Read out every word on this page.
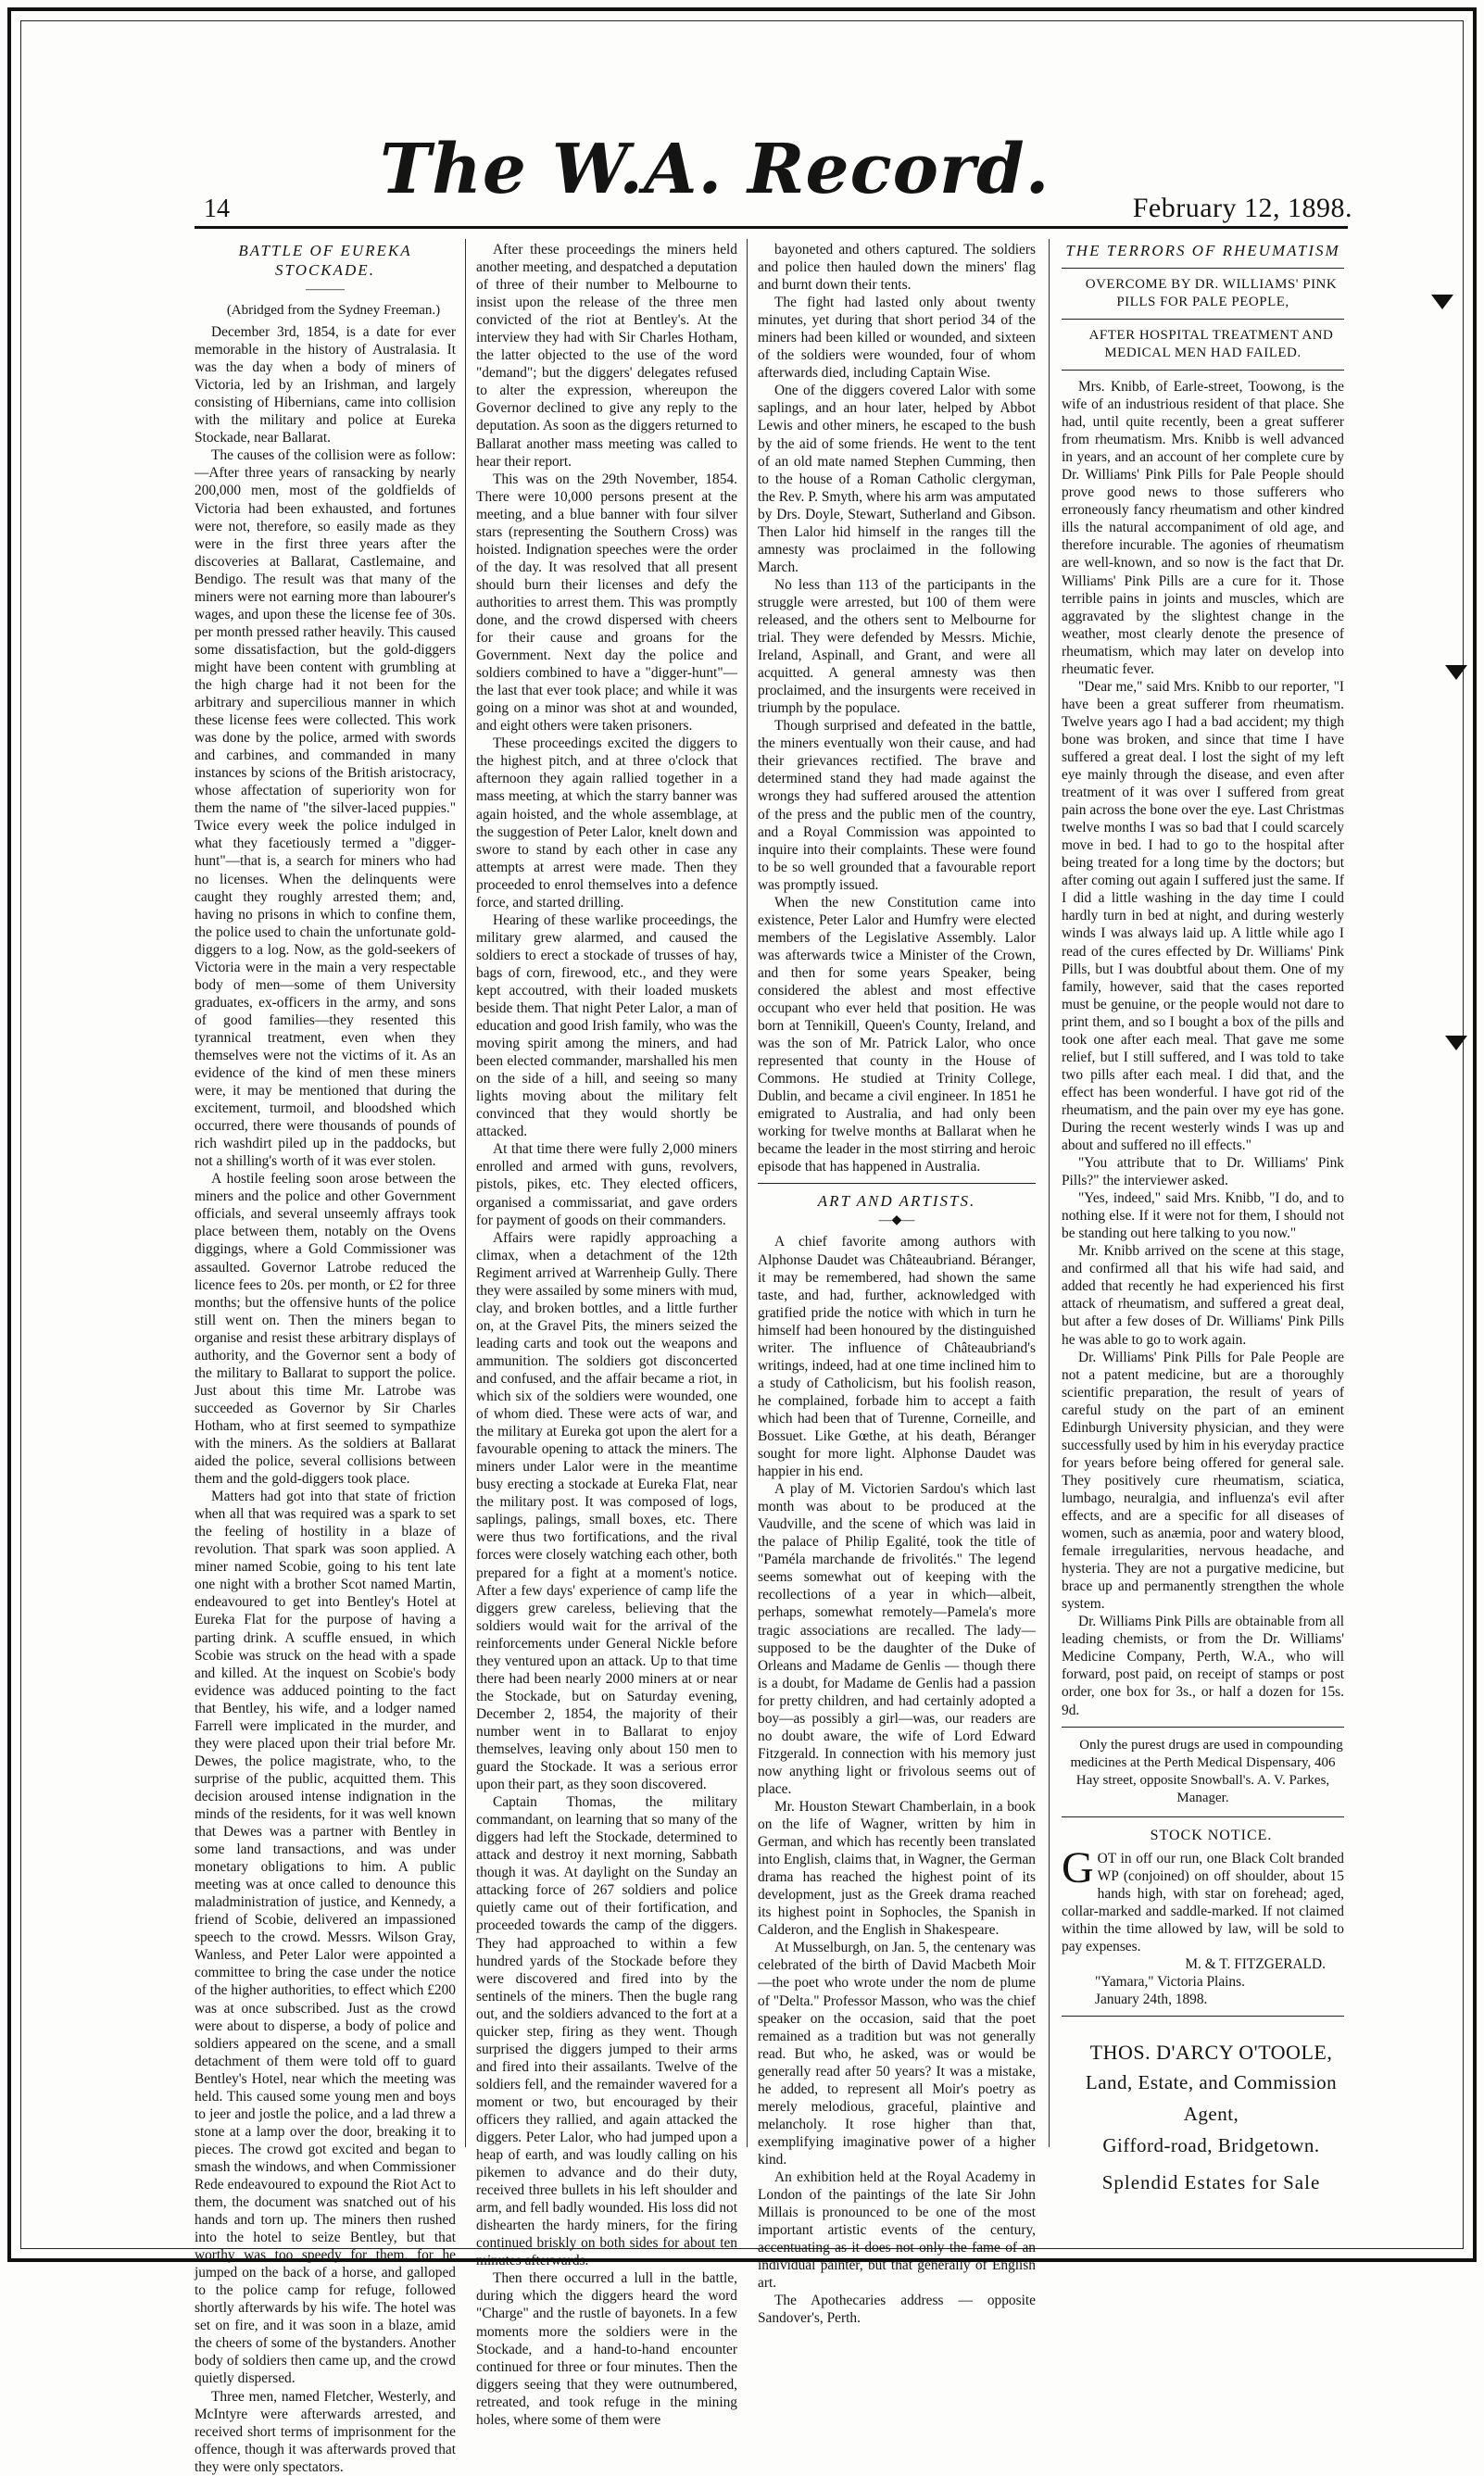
14 The W.A. Record.	February 12, 1898.

BATTLE OF EUREKA STOCKADE.

———

(Abridged from the Sydney Freeman.)

December 3rd, 1854, is a date for ever memorable in the history of Australasia. It was the day when a body of miners of Victoria, led by an Irishman, and largely consisting of Hibernians, came into collision with the military and police at Eureka Stockade, near Ballarat.

The causes of the collision were as follow:—After three years of ransacking by nearly 200,000 men, most of the goldfields of Victoria had been exhausted, and fortunes were not, therefore, so easily made as they were in the first three years after the discoveries at Ballarat, Castlemaine, and Bendigo. The result was that many of the miners were not earning more than labourer's wages, and upon these the license fee of 30s. per month pressed rather heavily. This caused some dissatisfaction, but the gold-diggers might have been content with grumbling at the high charge had it not been for the arbitrary and supercilious manner in which these license fees were collected. This work was done by the police, armed with swords and carbines, and commanded in many instances by scions of the British aristocracy, whose affectation of superiority won for them the name of "the silver-laced puppies." Twice every week the police indulged in what they facetiously termed a "digger-hunt"—that is, a search for miners who had no licenses. When the delinquents were caught they roughly arrested them; and, having no prisons in which to confine them, the police used to chain the unfortunate gold-diggers to a log. Now, as the gold-seekers of Victoria were in the main a very respectable body of men—some of them University graduates, ex-officers in the army, and sons of good families—they resented this tyrannical treatment, even when they themselves were not the victims of it. As an evidence of the kind of men these miners were, it may be mentioned that during the excitement, turmoil, and bloodshed which occurred, there were thousands of pounds of rich washdirt piled up in the paddocks, but not a shilling's worth of it was ever stolen.

A hostile feeling soon arose between the miners and the police and other Government officials, and several unseemly affrays took place between them, notably on the Ovens diggings, where a Gold Commissioner was assaulted. Governor Latrobe reduced the licence fees to 20s. per month, or £2 for three months; but the offensive hunts of the police still went on. Then the miners began to organise and resist these arbitrary displays of authority, and the Governor sent a body of the military to Ballarat to support the police. Just about this time Mr. Latrobe was succeeded as Governor by Sir Charles Hotham, who at first seemed to sympathize with the miners. As the soldiers at Ballarat aided the police, several collisions between them and the gold-diggers took place.

Matters had got into that state of friction when all that was required was a spark to set the feeling of hostility in a blaze of revolution. That spark was soon applied. A miner named Scobie, going to his tent late one night with a brother Scot named Martin, endeavoured to get into Bentley's Hotel at Eureka Flat for the purpose of having a parting drink. A scuffle ensued, in which Scobie was struck on the head with a spade and killed. At the inquest on Scobie's body evidence was adduced pointing to the fact that Bentley, his wife, and a lodger named Farrell were implicated in the murder, and they were placed upon their trial before Mr. Dewes, the police magistrate, who, to the surprise of the public, acquitted them. This decision aroused intense indignation in the minds of the residents, for it was well known that Dewes was a partner with Bentley in some land transactions, and was under monetary obligations to him. A public meeting was at once called to denounce this maladministration of justice, and Kennedy, a friend of Scobie, delivered an impassioned speech to the crowd. Messrs. Wilson Gray, Wanless, and Peter Lalor were appointed a committee to bring the case under the notice of the higher authorities, to effect which £200 was at once subscribed. Just as the crowd were about to disperse, a body of police and soldiers appeared on the scene, and a small detachment of them were told off to guard Bentley's Hotel, near which the meeting was held. This caused some young men and boys to jeer and jostle the police, and a lad threw a stone at a lamp over the door, breaking it to pieces. The crowd got excited and began to smash the windows, and when Commissioner Rede endeavoured to expound the Riot Act to them, the document was snatched out of his hands and torn up. The miners then rushed into the hotel to seize Bentley, but that worthy was too speedy for them, for he jumped on the back of a horse, and galloped to the police camp for refuge, followed shortly afterwards by his wife. The hotel was set on fire, and it was soon in a blaze, amid the cheers of some of the bystanders. Another body of soldiers then came up, and the crowd quietly dispersed.

Three men, named Fletcher, Westerly, and McIntyre were afterwards arrested, and received short terms of imprisonment for the offence, though it was afterwards proved that they were only spectators.

After these proceedings the miners held another meeting, and despatched a deputation of three of their number to Melbourne to insist upon the release of the three men convicted of the riot at Bentley's. At the interview they had with Sir Charles Hotham, the latter objected to the use of the word "demand"; but the diggers' delegates refused to alter the expression, whereupon the Governor declined to give any reply to the deputation. As soon as the diggers returned to Ballarat another mass meeting was called to hear their report.

This was on the 29th November, 1854. There were 10,000 persons present at the meeting, and a blue banner with four silver stars (representing the Southern Cross) was hoisted. Indignation speeches were the order of the day. It was resolved that all present should burn their licenses and defy the authorities to arrest them. This was promptly done, and the crowd dispersed with cheers for their cause and groans for the Government. Next day the police and soldiers combined to have a "digger-hunt"—the last that ever took place; and while it was going on a minor was shot at and wounded, and eight others were taken prisoners.

These proceedings excited the diggers to the highest pitch, and at three o'clock that afternoon they again rallied together in a mass meeting, at which the starry banner was again hoisted, and the whole assemblage, at the suggestion of Peter Lalor, knelt down and swore to stand by each other in case any attempts at arrest were made. Then they proceeded to enrol themselves into a defence force, and started drilling.

Hearing of these warlike proceedings, the military grew alarmed, and caused the soldiers to erect a stockade of trusses of hay, bags of corn, firewood, etc., and they were kept accoutred, with their loaded muskets beside them. That night Peter Lalor, a man of education and good Irish family, who was the moving spirit among the miners, and had been elected commander, marshalled his men on the side of a hill, and seeing so many lights moving about the military felt convinced that they would shortly be attacked.

At that time there were fully 2,000 miners enrolled and armed with guns, revolvers, pistols, pikes, etc. They elected officers, organised a commissariat, and gave orders for payment of goods on their commanders.

Affairs were rapidly approaching a climax, when a detachment of the 12th Regiment arrived at Warrenheip Gully. There they were assailed by some miners with mud, clay, and broken bottles, and a little further on, at the Gravel Pits, the miners seized the leading carts and took out the weapons and ammunition. The soldiers got disconcerted and confused, and the affair became a riot, in which six of the soldiers were wounded, one of whom died. These were acts of war, and the military at Eureka got upon the alert for a favourable opening to attack the miners. The miners under Lalor were in the meantime busy erecting a stockade at Eureka Flat, near the military post. It was composed of logs, saplings, palings, small boxes, etc. There were thus two fortifications, and the rival forces were closely watching each other, both prepared for a fight at a moment's notice. After a few days' experience of camp life the diggers grew careless, believing that the soldiers would wait for the arrival of the reinforcements under General Nickle before they ventured upon an attack. Up to that time there had been nearly 2000 miners at or near the Stockade, but on Saturday evening, December 2, 1854, the majority of their number went in to Ballarat to enjoy themselves, leaving only about 150 men to guard the Stockade. It was a serious error upon their part, as they soon discovered.

Captain Thomas, the military commandant, on learning that so many of the diggers had left the Stockade, determined to attack and destroy it next morning, Sabbath though it was. At daylight on the Sunday an attacking force of 267 soldiers and police quietly came out of their fortification, and proceeded towards the camp of the diggers. They had approached to within a few hundred yards of the Stockade before they were discovered and fired into by the sentinels of the miners. Then the bugle rang out, and the soldiers advanced to the fort at a quicker step, firing as they went. Though surprised the diggers jumped to their arms and fired into their assailants. Twelve of the soldiers fell, and the remainder wavered for a moment or two, but encouraged by their officers they rallied, and again attacked the diggers. Peter Lalor, who had jumped upon a heap of earth, and was loudly calling on his pikemen to advance and do their duty, received three bullets in his left shoulder and arm, and fell badly wounded. His loss did not dishearten the hardy miners, for the firing continued briskly on both sides for about ten minutes afterwards.

Then there occurred a lull in the battle, during which the diggers heard the word "Charge" and the rustle of bayonets. In a few moments more the soldiers were in the Stockade, and a hand-to-hand encounter continued for three or four minutes. Then the diggers seeing that they were outnumbered, retreated, and took refuge in the mining holes, where some of them were

bayoneted and others captured. The soldiers and police then hauled down the miners' flag and burnt down their tents.

The fight had lasted only about twenty minutes, yet during that short period 34 of the miners had been killed or wounded, and sixteen of the soldiers were wounded, four of whom afterwards died, including Captain Wise.

One of the diggers covered Lalor with some saplings, and an hour later, helped by Abbot Lewis and other miners, he escaped to the bush by the aid of some friends. He went to the tent of an old mate named Stephen Cumming, then to the house of a Roman Catholic clergyman, the Rev. P. Smyth, where his arm was amputated by Drs. Doyle, Stewart, Sutherland and Gibson. Then Lalor hid himself in the ranges till the amnesty was proclaimed in the following March.

No less than 113 of the participants in the struggle were arrested, but 100 of them were released, and the others sent to Melbourne for trial. They were defended by Messrs. Michie, Ireland, Aspinall, and Grant, and were all acquitted. A general amnesty was then proclaimed, and the insurgents were received in triumph by the populace.

Though surprised and defeated in the battle, the miners eventually won their cause, and had their grievances rectified. The brave and determined stand they had made against the wrongs they had suffered aroused the attention of the press and the public men of the country, and a Royal Commission was appointed to inquire into their complaints. These were found to be so well grounded that a favourable report was promptly issued.

When the new Constitution came into existence, Peter Lalor and Humfry were elected members of the Legislative Assembly. Lalor was afterwards twice a Minister of the Crown, and then for some years Speaker, being considered the ablest and most effective occupant who ever held that position. He was born at Tennikill, Queen's County, Ireland, and was the son of Mr. Patrick Lalor, who once represented that county in the House of Commons. He studied at Trinity College, Dublin, and became a civil engineer. In 1851 he emigrated to Australia, and had only been working for twelve months at Ballarat when he became the leader in the most stirring and heroic episode that has happened in Australia.

ART AND ARTISTS.

—◆—

A chief favorite among authors with Alphonse Daudet was Châteaubriand. Béranger, it may be remembered, had shown the same taste, and had, further, acknowledged with gratified pride the notice with which in turn he himself had been honoured by the distinguished writer. The influence of Châteaubriand's writings, indeed, had at one time inclined him to a study of Catholicism, but his foolish reason, he complained, forbade him to accept a faith which had been that of Turenne, Corneille, and Bossuet. Like Gœthe, at his death, Béranger sought for more light. Alphonse Daudet was happier in his end.

A play of M. Victorien Sardou's which last month was about to be produced at the Vaudville, and the scene of which was laid in the palace of Philip Egalité, took the title of "Paméla marchande de frivolités." The legend seems somewhat out of keeping with the recollections of a year in which—albeit, perhaps, somewhat remotely—Pamela's more tragic associations are recalled. The lady—supposed to be the daughter of the Duke of Orleans and Madame de Genlis — though there is a doubt, for Madame de Genlis had a passion for pretty children, and had certainly adopted a boy—as possibly a girl—was, our readers are no doubt aware, the wife of Lord Edward Fitzgerald. In connection with his memory just now anything light or frivolous seems out of place.

Mr. Houston Stewart Chamberlain, in a book on the life of Wagner, written by him in German, and which has recently been translated into English, claims that, in Wagner, the German drama has reached the highest point of its development, just as the Greek drama reached its highest point in Sophocles, the Spanish in Calderon, and the English in Shakespeare.

At Musselburgh, on Jan. 5, the centenary was celebrated of the birth of David Macbeth Moir—the poet who wrote under the nom de plume of "Delta." Professor Masson, who was the chief speaker on the occasion, said that the poet remained as a tradition but was not generally read. But who, he asked, was or would be generally read after 50 years? It was a mistake, he added, to represent all Moir's poetry as merely melodious, graceful, plaintive and melancholy. It rose higher than that, exemplifying imaginative power of a higher kind.

An exhibition held at the Royal Academy in London of the paintings of the late Sir John Millais is pronounced to be one of the most important artistic events of the century, accentuating as it does not only the fame of an individual painter, but that generally of English art.

The Apothecaries address — opposite Sandover's, Perth.

THE TERRORS OF RHEUMATISM

OVERCOME BY DR. WILLIAMS' PINK PILLS FOR PALE PEOPLE,

AFTER HOSPITAL TREATMENT AND MEDICAL MEN HAD FAILED.

Mrs. Knibb, of Earle-street, Toowong, is the wife of an industrious resident of that place. She had, until quite recently, been a great sufferer from rheumatism. Mrs. Knibb is well advanced in years, and an account of her complete cure by Dr. Williams' Pink Pills for Pale People should prove good news to those sufferers who erroneously fancy rheumatism and other kindred ills the natural accompaniment of old age, and therefore incurable. The agonies of rheumatism are well-known, and so now is the fact that Dr. Williams' Pink Pills are a cure for it. Those terrible pains in joints and muscles, which are aggravated by the slightest change in the weather, most clearly denote the presence of rheumatism, which may later on develop into rheumatic fever.

"Dear me," said Mrs. Knibb to our reporter, "I have been a great sufferer from rheumatism. Twelve years ago I had a bad accident; my thigh bone was broken, and since that time I have suffered a great deal. I lost the sight of my left eye mainly through the disease, and even after treatment of it was over I suffered from great pain across the bone over the eye. Last Christmas twelve months I was so bad that I could scarcely move in bed. I had to go to the hospital after being treated for a long time by the doctors; but after coming out again I suffered just the same. If I did a little washing in the day time I could hardly turn in bed at night, and during westerly winds I was always laid up. A little while ago I read of the cures effected by Dr. Williams' Pink Pills, but I was doubtful about them. One of my family, however, said that the cases reported must be genuine, or the people would not dare to print them, and so I bought a box of the pills and took one after each meal. That gave me some relief, but I still suffered, and I was told to take two pills after each meal. I did that, and the effect has been wonderful. I have got rid of the rheumatism, and the pain over my eye has gone. During the recent westerly winds I was up and about and suffered no ill effects."

"You attribute that to Dr. Williams' Pink Pills?" the interviewer asked.

"Yes, indeed," said Mrs. Knibb, "I do, and to nothing else. If it were not for them, I should not be standing out here talking to you now."

Mr. Knibb arrived on the scene at this stage, and confirmed all that his wife had said, and added that recently he had experienced his first attack of rheumatism, and suffered a great deal, but after a few doses of Dr. Williams' Pink Pills he was able to go to work again.

Dr. Williams' Pink Pills for Pale People are not a patent medicine, but are a thoroughly scientific preparation, the result of years of careful study on the part of an eminent Edinburgh University physician, and they were successfully used by him in his everyday practice for years before being offered for general sale. They positively cure rheumatism, sciatica, lumbago, neuralgia, and influenza's evil after effects, and are a specific for all diseases of women, such as anæmia, poor and watery blood, female irregularities, nervous headache, and hysteria. They are not a purgative medicine, but brace up and permanently strengthen the whole system.

Dr. Williams Pink Pills are obtainable from all leading chemists, or from the Dr. Williams' Medicine Company, Perth, W.A., who will forward, post paid, on receipt of stamps or post order, one box for 3s., or half a dozen for 15s. 9d.

Only the purest drugs are used in compounding medicines at the Perth Medical Dispensary, 406 Hay street, opposite Snowball's. A. V. Parkes, Manager.

STOCK NOTICE.

GOT in off our run, one Black Colt branded WP (conjoined) on off shoulder, about 15 hands high, with star on forehead; aged, collar-marked and saddle-marked. If not claimed within the time allowed by law, will be sold to pay expenses.

M. & T. FITZGERALD.

"Yamara," Victoria Plains.

January 24th, 1898.

THOS. D'ARCY O'TOOLE,

Land, Estate, and Commission

Agent,

Gifford-road, Bridgetown.

Splendid Estates for Sale
